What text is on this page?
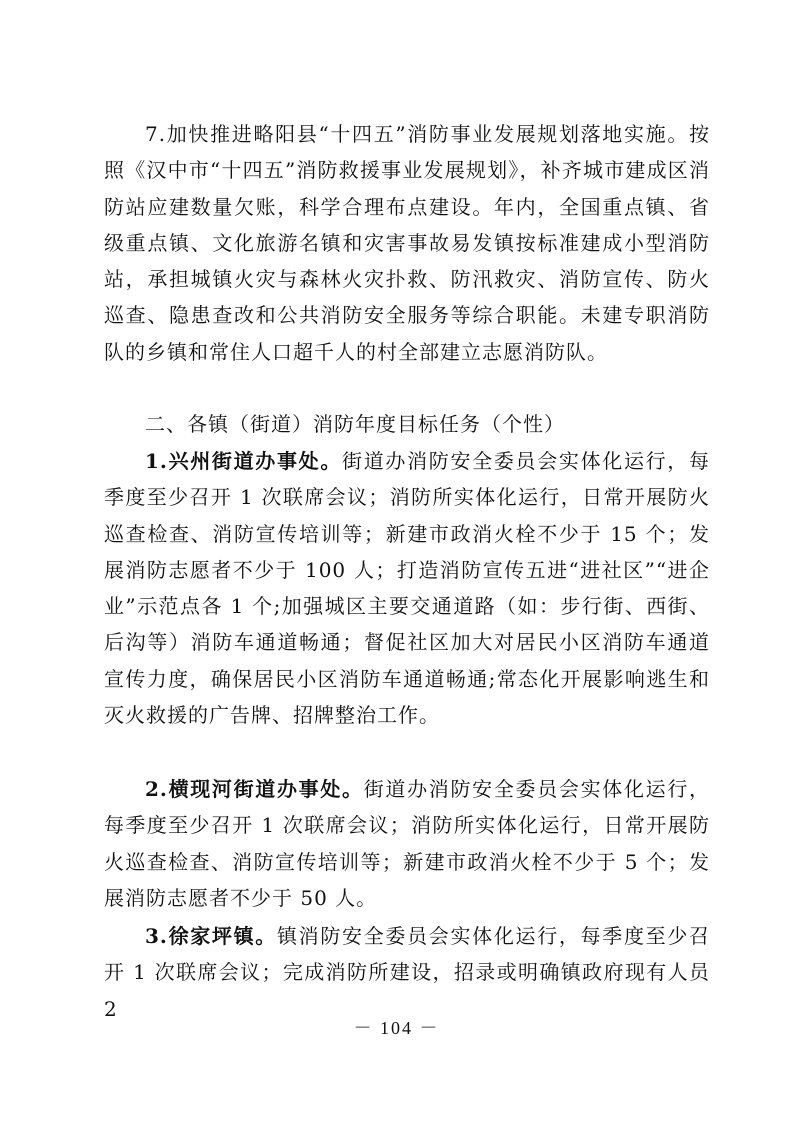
7.加快推进略阳县“十四五”消防事业发展规划落地实施。按照《汉中市“十四五”消防救援事业发展规划》，补齐城市建成区消防站应建数量欠账，科学合理布点建设。年内，全国重点镇、省级重点镇、文化旅游名镇和灾害事故易发镇按标准建成小型消防站，承担城镇火灾与森林火灾扑救、防汛救灾、消防宣传、防火巡查、隐患查改和公共消防安全服务等综合职能。未建专职消防队的乡镇和常住人口超千人的村全部建立志愿消防队。

二、各镇（街道）消防年度目标任务（个性）

1.兴州街道办事处。街道办消防安全委员会实体化运行，每季度至少召开 1 次联席会议；消防所实体化运行，日常开展防火巡查检查、消防宣传培训等；新建市政消火栓不少于 15 个；发展消防志愿者不少于 100 人；打造消防宣传五进“进社区”“进企业”示范点各 1 个;加强城区主要交通道路（如：步行街、西街、后沟等）消防车通道畅通；督促社区加大对居民小区消防车通道宣传力度，确保居民小区消防车通道畅通;常态化开展影响逃生和灭火救援的广告牌、招牌整治工作。

2.横现河街道办事处。街道办消防安全委员会实体化运行，每季度至少召开 1 次联席会议；消防所实体化运行，日常开展防火巡查检查、消防宣传培训等；新建市政消火栓不少于 5 个；发展消防志愿者不少于 50 人。

3.徐家坪镇。镇消防安全委员会实体化运行，每季度至少召开 1 次联席会议；完成消防所建设，招录或明确镇政府现有人员 2

－ 104 －
